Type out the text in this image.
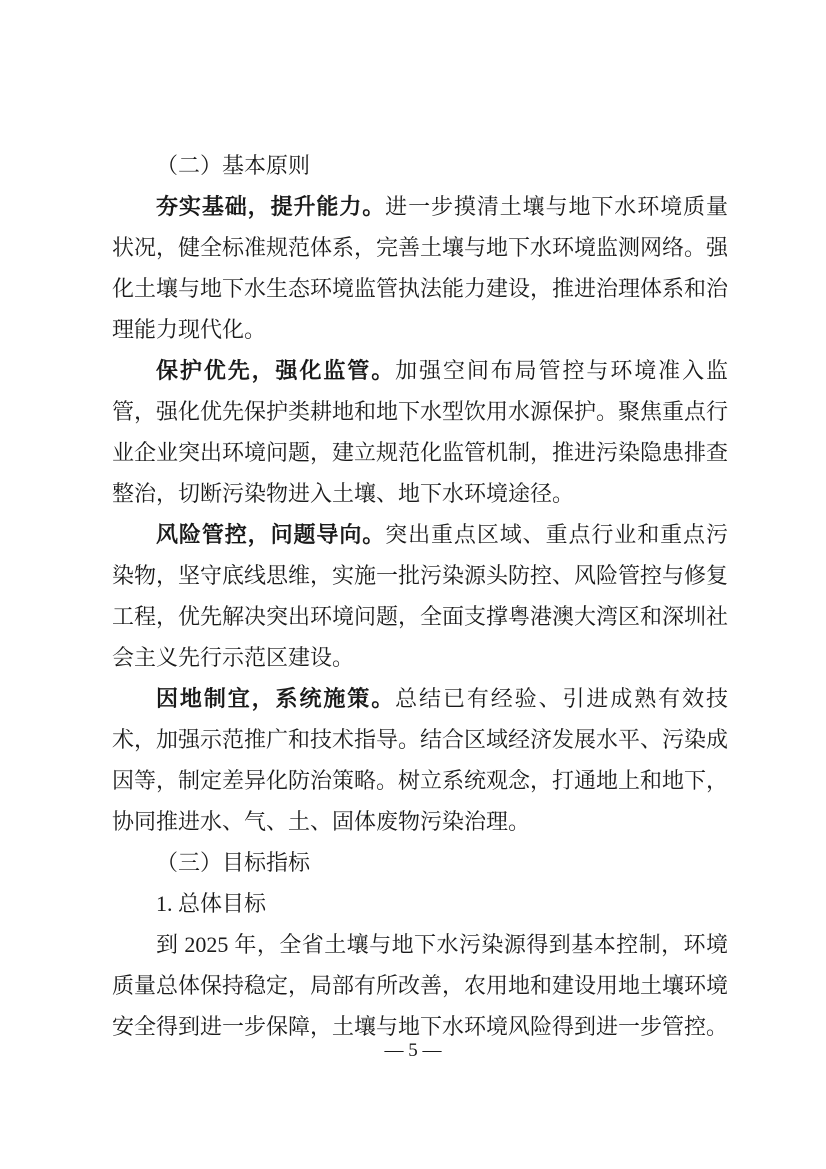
（二）基本原则

夯实基础，提升能力。进一步摸清土壤与地下水环境质量状况，健全标准规范体系，完善土壤与地下水环境监测网络。强化土壤与地下水生态环境监管执法能力建设，推进治理体系和治理能力现代化。

保护优先，强化监管。加强空间布局管控与环境准入监管，强化优先保护类耕地和地下水型饮用水源保护。聚焦重点行业企业突出环境问题，建立规范化监管机制，推进污染隐患排查整治，切断污染物进入土壤、地下水环境途径。

风险管控，问题导向。突出重点区域、重点行业和重点污染物，坚守底线思维，实施一批污染源头防控、风险管控与修复工程，优先解决突出环境问题，全面支撑粤港澳大湾区和深圳社会主义先行示范区建设。

因地制宜，系统施策。总结已有经验、引进成熟有效技术，加强示范推广和技术指导。结合区域经济发展水平、污染成因等，制定差异化防治策略。树立系统观念，打通地上和地下，协同推进水、气、土、固体废物污染治理。

（三）目标指标
1. 总体目标

到 2025 年，全省土壤与地下水污染源得到基本控制，环境质量总体保持稳定，局部有所改善，农用地和建设用地土壤环境安全得到进一步保障，土壤与地下水环境风险得到进一步管控。

— 5 —
